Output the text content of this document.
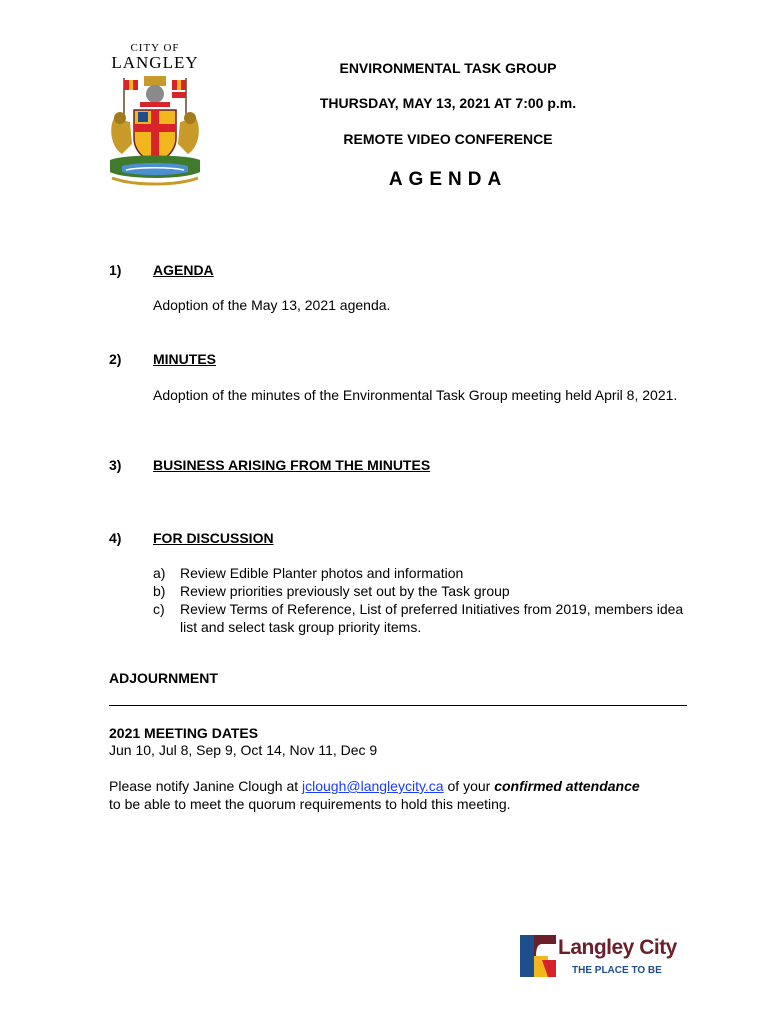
CITY OF
LANGLEY	ENVIRONMENTAL TASK GROUP
THURSDAY, MAY 13, 2021 AT 7:00 p.m.
REMOTE VIDEO CONFERENCE
AGENDA
1) AGENDA
Adoption of the May 13, 2021 agenda.
2) MINUTES
Adoption of the minutes of the Environmental Task Group meeting held April 8, 2021.
3) BUSINESS ARISING FROM THE MINUTES
4) FOR DISCUSSION
a)	Review Edible Planter photos and information
b)	Review priorities previously set out by the Task group
c)	Review Terms of Reference, List of preferred Initiatives from 2019, members idea list and select task group priority items.
ADJOURNMENT
2021 MEETING DATES
Jun 10, Jul 8, Sep 9, Oct 14, Nov 11, Dec 9
Please notify Janine Clough at jclough@langleycity.ca of your confirmed attendance
to be able to meet the quorum requirements to hold this meeting.
Langley City
THE PLACE TO BE
